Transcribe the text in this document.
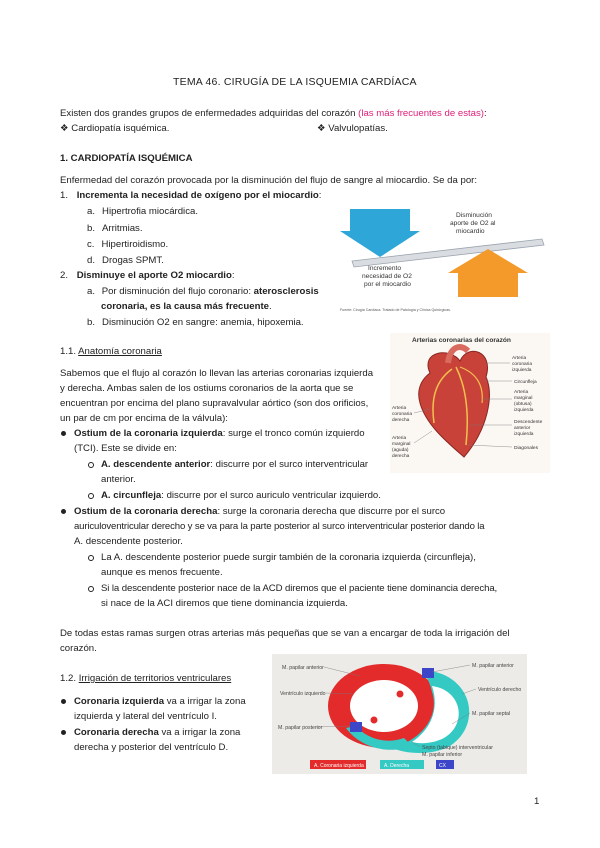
TEMA 46. CIRUGÍA DE LA ISQUEMIA CARDÍACA
Existen dos grandes grupos de enfermedades adquiridas del corazón (las más frecuentes de estas):
❖ Cardiopatía isquémica.	❖ Valvulopatías.
1. CARDIOPATÍA ISQUÉMICA
Enfermedad del corazón provocada por la disminución del flujo de sangre al miocardio. Se da por:
1. Incrementa la necesidad de oxígeno por el miocardio:
a. Hipertrofia miocárdica.
b. Arritmias.
c. Hipertiroidismo.
d. Drogas SPMT.
2. Disminuye el aporte O2 miocardio:
a. Por disminución del flujo coronario: aterosclerosis
coronaria, es la causa más frecuente.
b. Disminución O2 en sangre: anemia, hipoxemia.
Disminución aporte de O2 al miocardio
Incremento necesidad de O2 por el miocardio
Fuente: Cirugía Cardíaca. Tratado de Patología y Clínica Quirúrgicas.
1.1. Anatomía coronaria
Sabemos que el flujo al corazón lo llevan las arterias coronarias izquierda
y derecha. Ambas salen de los ostiums coronarios de la aorta que se
encuentran por encima del plano supravalvular aórtico (son dos orificios,
un par de cm por encima de la válvula):
Ostium de la coronaria izquierda: surge el tronco común izquierdo
(TCI). Este se divide en:
A. descendente anterior: discurre por el surco interventricular
anterior.
A. circunfleja: discurre por el surco auriculo ventricular izquierdo.
Ostium de la coronaria derecha: surge la coronaria derecha que discurre por el surco
auriculoventricular derecho y se va para la parte posterior al surco interventricular posterior dando la
A. descendente posterior.
La A. descendente posterior puede surgir también de la coronaria izquierda (circunfleja),
aunque es menos frecuente.
Si la descendente posterior nace de la ACD diremos que el paciente tiene dominancia derecha,
si nace de la ACI diremos que tiene dominancia izquierda.
Arterias coronarias del corazón
Arteria
coronaria
izquierda
Circunfleja
Arteria
marginal
(obtusa)
izquierda
Descendente
anterior
izquierda
Diagonales
Arteria
coronaria
derecha
Arteria
marginal
(aguda)
derecha
De todas estas ramas surgen otras arterias más pequeñas que se van a encargar de toda la irrigación del
corazón.
1.2. Irrigación de territorios ventriculares
Coronaria izquierda va a irrigar la zona
izquierda y lateral del ventrículo I.
Coronaria derecha va a irrigar la zona
derecha y posterior del ventrículo D.
M. papilar anterior
Ventrículo izquierdo
M. papilar posterior
M. papilar anterior
Ventrículo derecho
M. papilar septal
Septo (tabique) interventricular
M. papilar inferior
A. Coronaria izquierda	A. Derecha	CX
1
